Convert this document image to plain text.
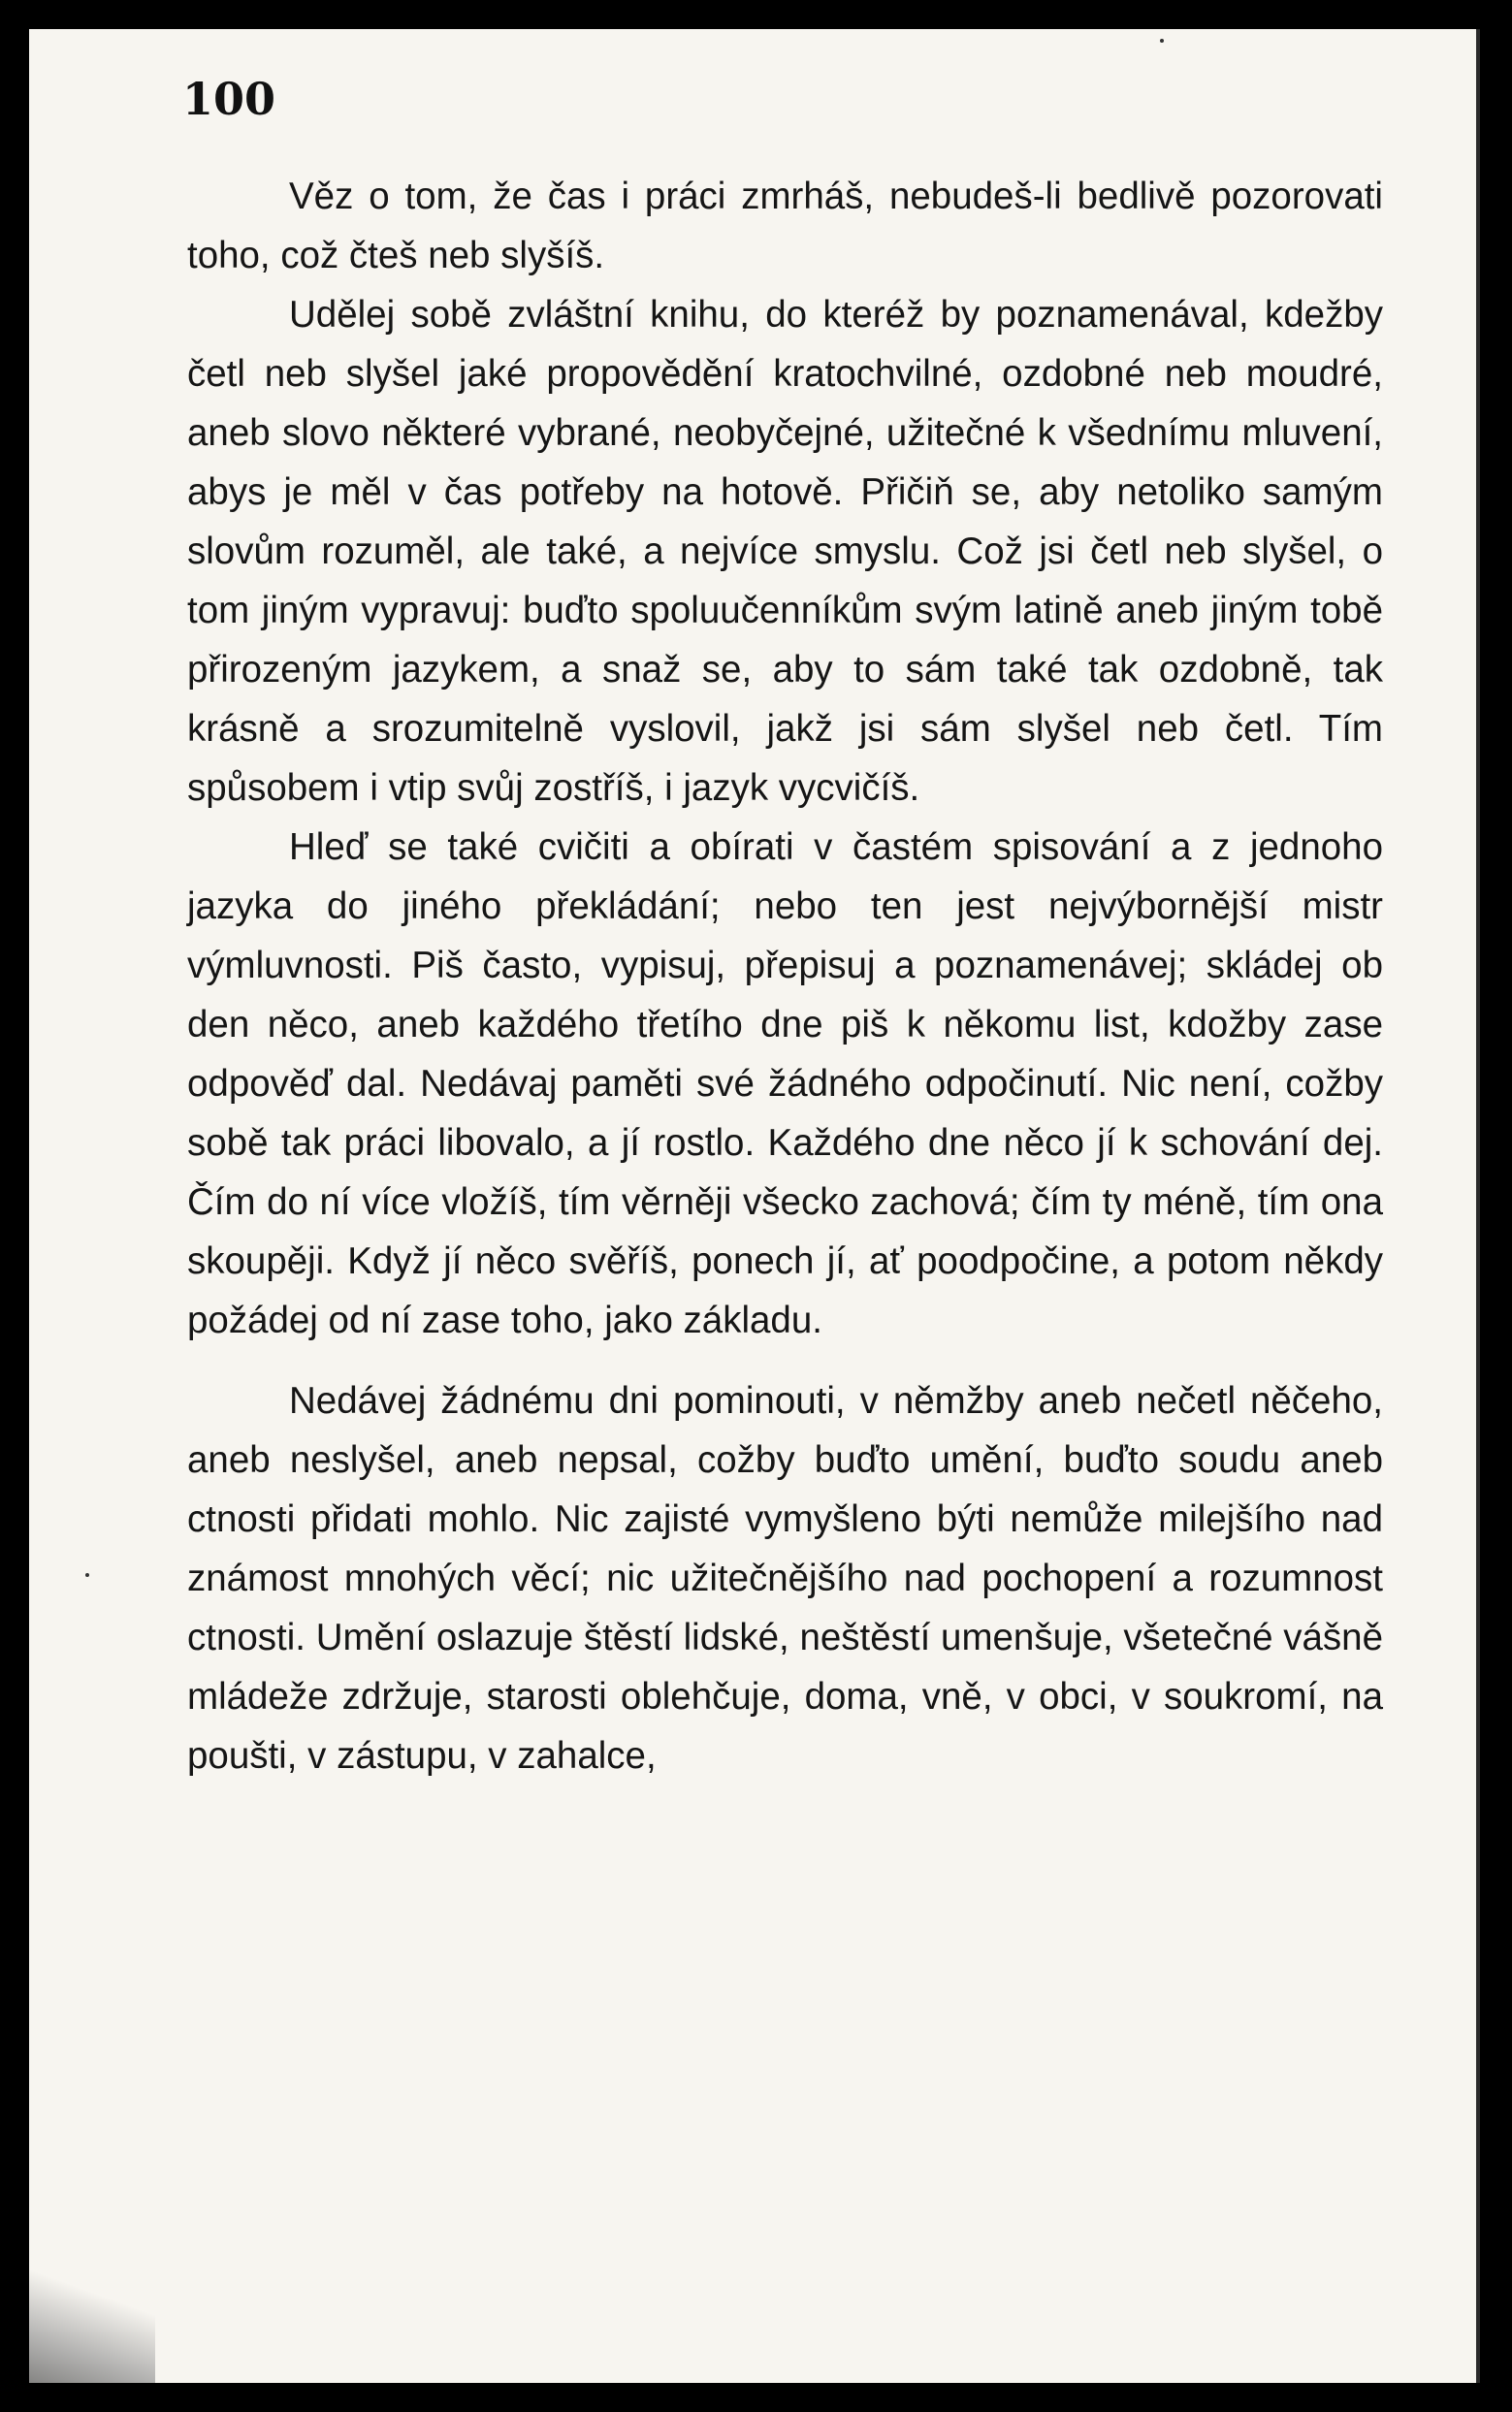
100

Věz o tom, že čas i práci zmrháš, nebudeš-li bedlivě pozorovati toho, což čteš neb slyšíš.

Udělej sobě zvláštní knihu, do kteréž by poznamenával, kdežby četl neb slyšel jaké propovědění kratochvilné, ozdobné neb moudré, aneb slovo některé vybrané, neobyčejné, užitečné k všednímu mluvení, abys je měl v čas potřeby na hotově. Přičiň se, aby netoliko samým slovům rozuměl, ale také, a nejvíce smyslu. Což jsi četl neb slyšel, o tom jiným vypravuj: buďto spoluučenníkům svým latině aneb jiným tobě přirozeným jazykem, a snaž se, aby to sám také tak ozdobně, tak krásně a srozumitelně vyslovil, jakž jsi sám slyšel neb četl. Tím spůsobem i vtip svůj zostříš, i jazyk vycvičíš.

Hleď se také cvičiti a obírati v častém spisování a z jednoho jazyka do jiného překládání; nebo ten jest nejvýbornější mistr výmluvnosti. Piš často, vypisuj, přepisuj a poznamenávej; skládej ob den něco, aneb každého třetího dne piš k někomu list, kdožby zase odpověď dal. Nedávaj paměti své žádného odpočinutí. Nic není, cožby sobě tak práci libovalo, a jí rostlo. Každého dne něco jí k schování dej. Čím do ní více vložíš, tím věrněji všecko zachová; čím ty méně, tím ona skoupěji. Když jí něco svěříš, ponech jí, ať poodpočine, a potom někdy požádej od ní zase toho, jako základu.

Nedávej žádnému dni pominouti, v němžby aneb nečetl něčeho, aneb neslyšel, aneb nepsal, cožby buďto umění, buďto soudu aneb ctnosti přidati mohlo. Nic zajisté vymyšleno býti nemůže milejšího nad známost mnohých věcí; nic užitečnějšího nad pochopení a rozumnost ctnosti. Umění oslazuje štěstí lidské, neštěstí umenšuje, všetečné vášně mládeže zdržuje, starosti oblehčuje, doma, vně, v obci, v soukromí, na poušti, v zástupu, v zahalce,
